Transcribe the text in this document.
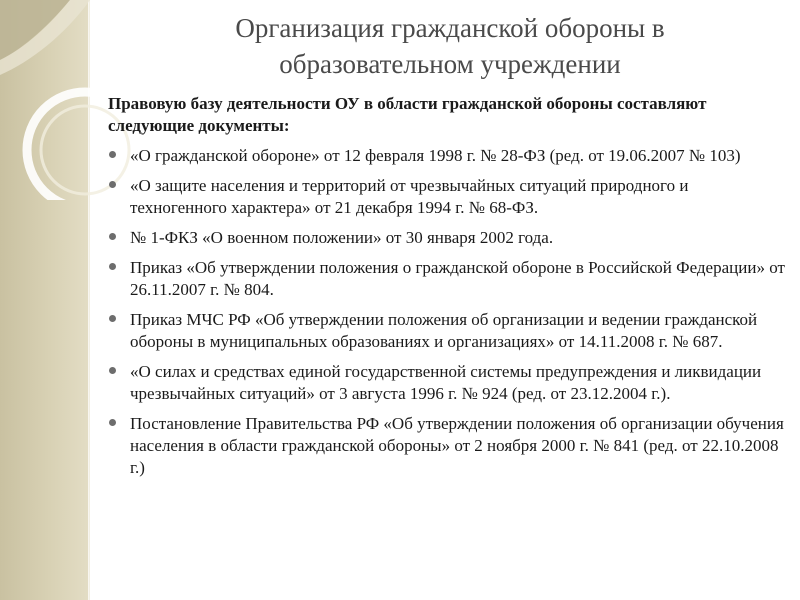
Организация гражданской обороны в
образовательном учреждении

Правовую базу деятельности ОУ в области гражданской обороны составляют следующие документы:

«О гражданской обороне» от 12 февраля 1998 г. № 28-ФЗ (ред. от 19.06.2007 № 103)
«О защите населения и территорий от чрезвычайных ситуаций природного и техногенного характера» от 21 декабря 1994 г. № 68-ФЗ.
№ 1-ФКЗ «О военном положении» от 30 января 2002 года.
Приказ «Об утверждении положения о гражданской обороне в Российской Федерации» от 26.11.2007 г. № 804.
Приказ МЧС РФ «Об утверждении положения об организации и ведении гражданской обороны в муниципальных образованиях и организациях» от 14.11.2008 г. № 687.
«О силах и средствах единой государственной системы предупреждения и ликвидации чрезвычайных ситуаций» от 3 августа 1996 г. № 924 (ред. от 23.12.2004 г.).
Постановление Правительства РФ «Об утверждении положения об организации обучения населения в области гражданской обороны» от 2 ноября 2000 г. № 841 (ред. от 22.10.2008 г.)
